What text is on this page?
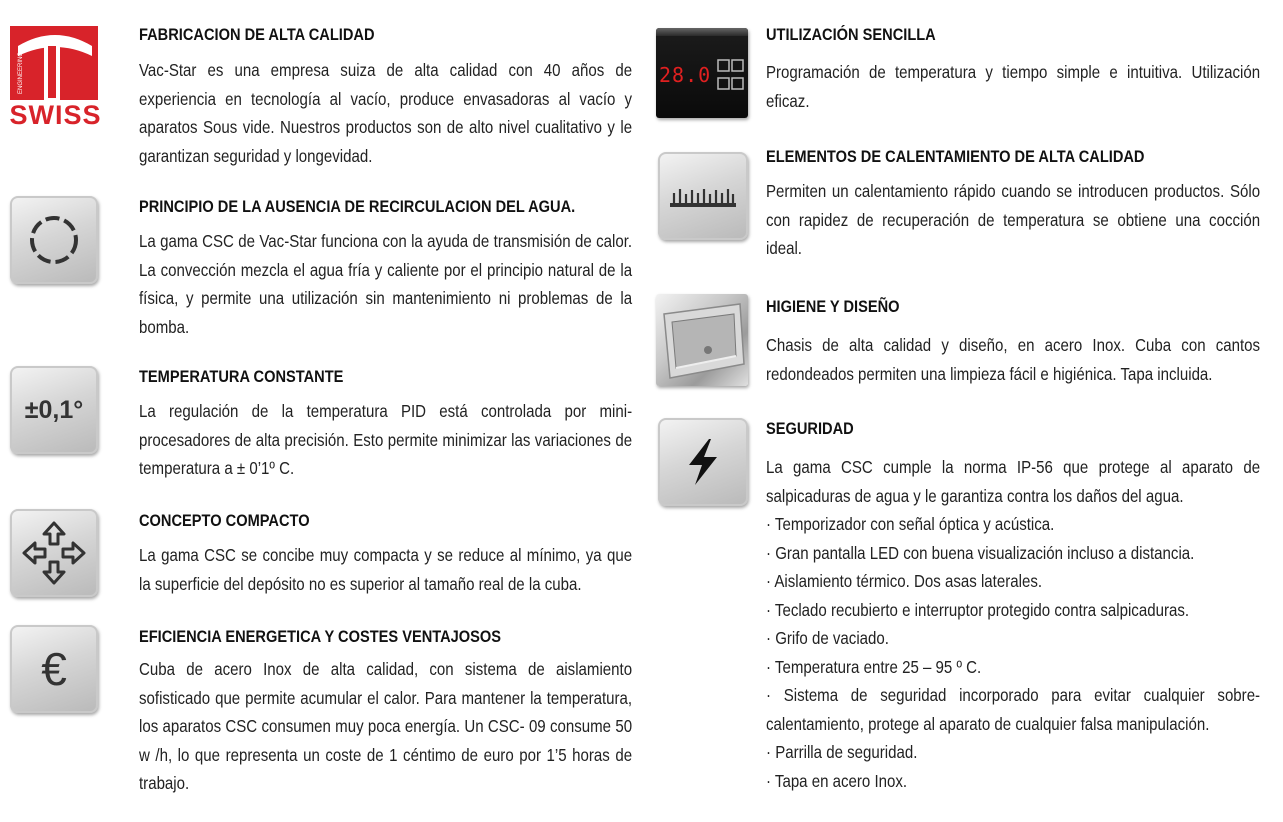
ENGINEERING
SWISS
FABRICACION DE ALTA CALIDAD
Vac-Star es una empresa suiza de alta calidad con 40 años de experiencia en tecnología al vacío, produce envasadoras al vacío y aparatos Sous vide. Nuestros productos son de alto nivel cualitativo y le garantizan seguridad y longevidad.
PRINCIPIO DE LA AUSENCIA DE RECIRCULACION DEL AGUA.
La gama CSC de Vac-Star funciona con la ayuda de transmisión de calor. La convección mezcla el agua fría y caliente por el principio natural de la física, y permite una utilización sin mantenimiento ni problemas de la bomba.
±0,1°
TEMPERATURA CONSTANTE
La regulación de la temperatura PID está controlada por mini-procesadores de alta precisión. Esto permite minimizar las variaciones de temperatura a ± 0’1º C.
CONCEPTO COMPACTO
La gama CSC se concibe muy compacta y se reduce al mínimo, ya que la superficie del depósito no es superior al tamaño real de la cuba.
€
EFICIENCIA ENERGETICA Y COSTES VENTAJOSOS
Cuba de acero Inox de alta calidad, con sistema de aislamiento sofisticado que permite acumular el calor. Para mantener la temperatura, los aparatos CSC consumen muy poca energía. Un CSC- 09 consume 50 w /h, lo que representa un coste de 1 céntimo de euro por 1’5 horas de trabajo.
28.0
UTILIZACIÓN SENCILLA
Programación de temperatura y tiempo simple e intuitiva. Utilización eficaz.
ELEMENTOS DE CALENTAMIENTO DE ALTA CALIDAD
Permiten un calentamiento rápido cuando se introducen productos. Sólo con rapidez de recuperación de temperatura se obtiene una cocción ideal.
HIGIENE Y DISEÑO
Chasis de alta calidad y diseño, en acero Inox. Cuba con cantos redondeados permiten una limpieza fácil e higiénica. Tapa incluida.
SEGURIDAD
La gama CSC cumple la norma IP-56 que protege al aparato de salpicaduras de agua y le garantiza contra los daños del agua.
· Temporizador con señal óptica y acústica.
· Gran pantalla LED con buena visualización incluso a distancia.
· Aislamiento térmico. Dos asas laterales.
· Teclado recubierto e interruptor protegido contra salpicaduras.
· Grifo de vaciado.
· Temperatura entre 25 – 95 º C.
· Sistema de seguridad incorporado para evitar cualquier sobre-calentamiento, protege al aparato de cualquier falsa manipulación.
· Parrilla de seguridad.
· Tapa en acero Inox.
